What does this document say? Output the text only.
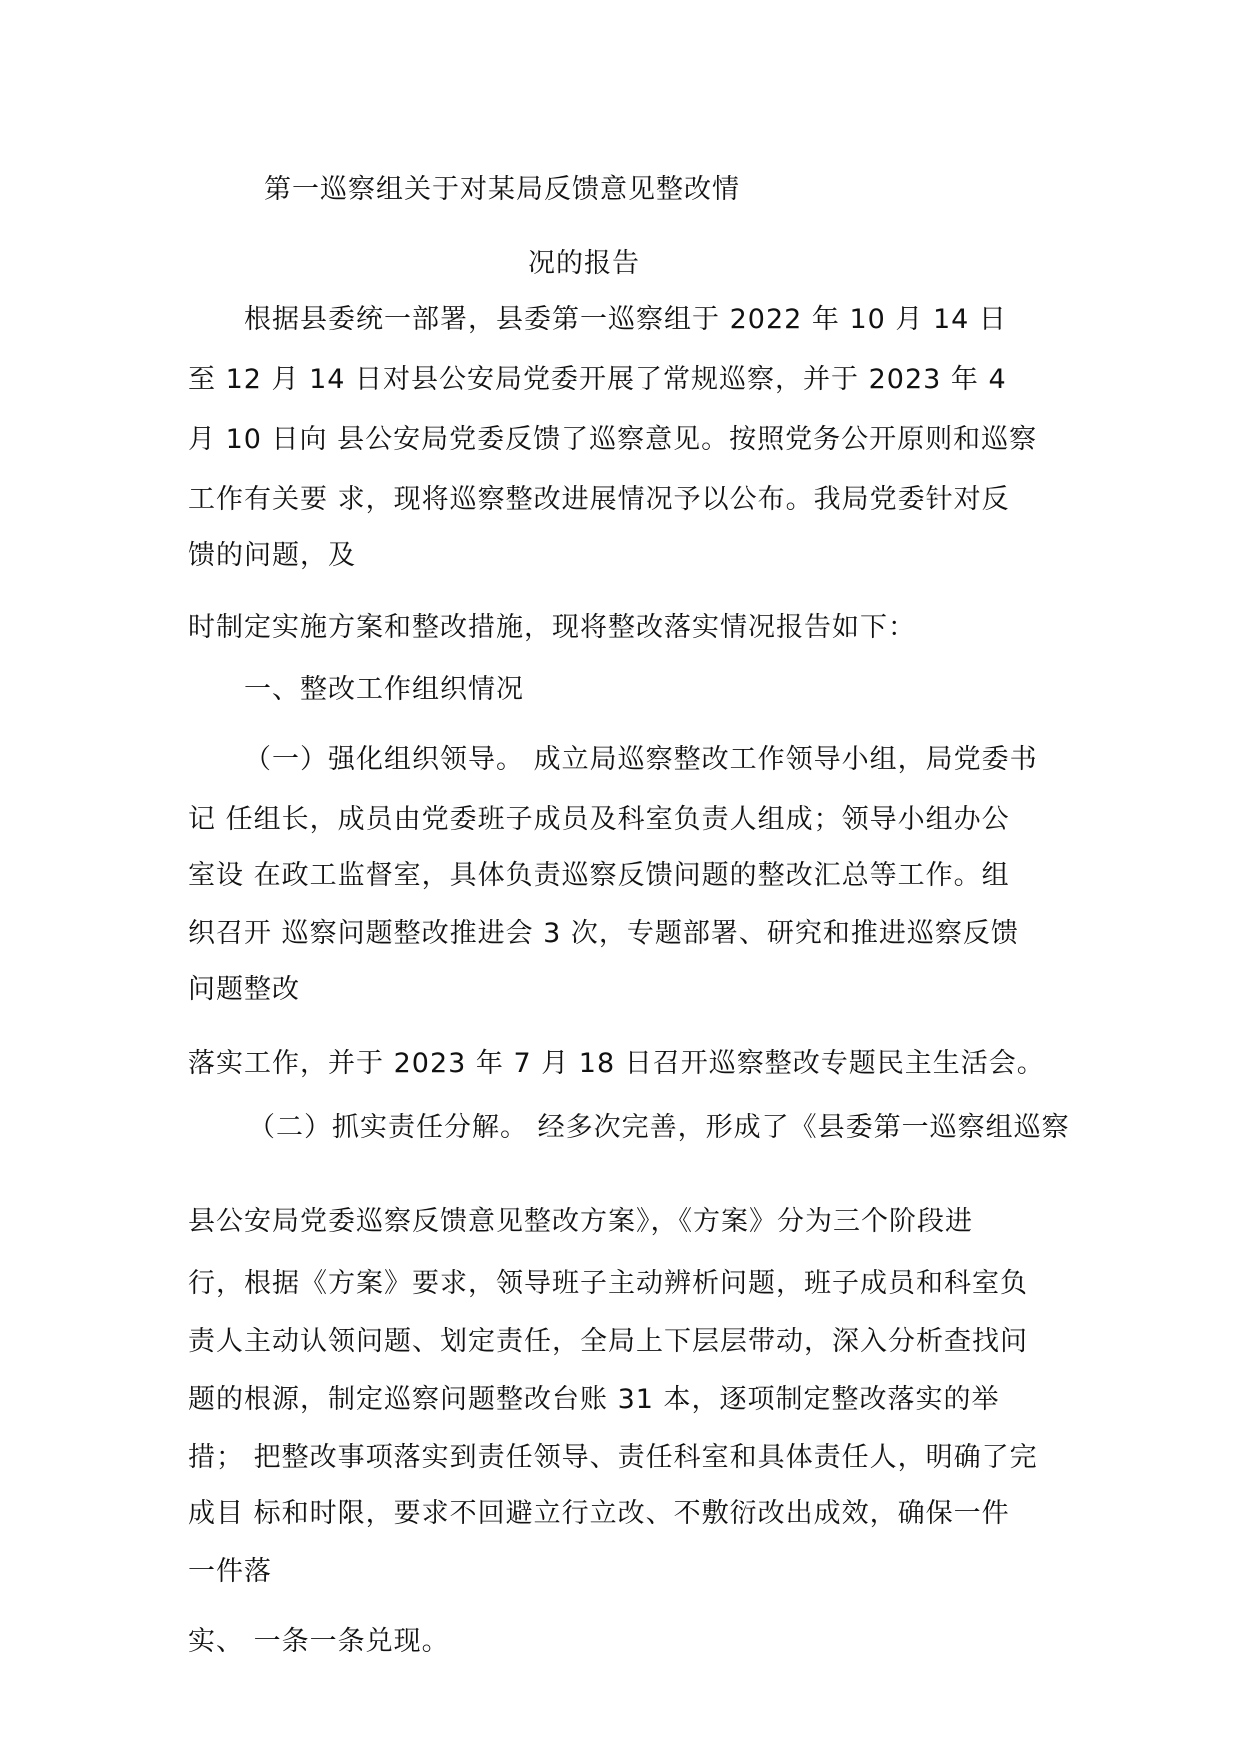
第一巡察组关于对某局反馈意见整改情
况的报告
根据县委统一部署，县委第一巡察组于 2022 年 10 月 14 日
至 12 月 14 日对县公安局党委开展了常规巡察，并于 2023 年 4
月 10 日向 县公安局党委反馈了巡察意见。按照党务公开原则和巡察
工作有关要 求，现将巡察整改进展情况予以公布。我局党委针对反
馈的问题，及
时制定实施方案和整改措施，现将整改落实情况报告如下：
一、整改工作组织情况
（一）强化组织领导。 成立局巡察整改工作领导小组，局党委书
记 任组长，成员由党委班子成员及科室负责人组成；领导小组办公
室设 在政工监督室，具体负责巡察反馈问题的整改汇总等工作。组
织召开 巡察问题整改推进会 3 次，专题部署、研究和推进巡察反馈
问题整改
落实工作，并于 2023 年 7 月 18 日召开巡察整改专题民主生活会。
（二）抓实责任分解。 经多次完善，形成了《县委第一巡察组巡察
县公安局党委巡察反馈意见整改方案》，《方案》分为三个阶段进
行，根据《方案》要求，领导班子主动辨析问题，班子成员和科室负
责人主动认领问题、划定责任，全局上下层层带动，深入分析查找问
题的根源，制定巡察问题整改台账 31 本，逐项制定整改落实的举
措； 把整改事项落实到责任领导、责任科室和具体责任人，明确了完
成目 标和时限，要求不回避立行立改、不敷衍改出成效，确保一件
一件落
实、 一条一条兑现。
